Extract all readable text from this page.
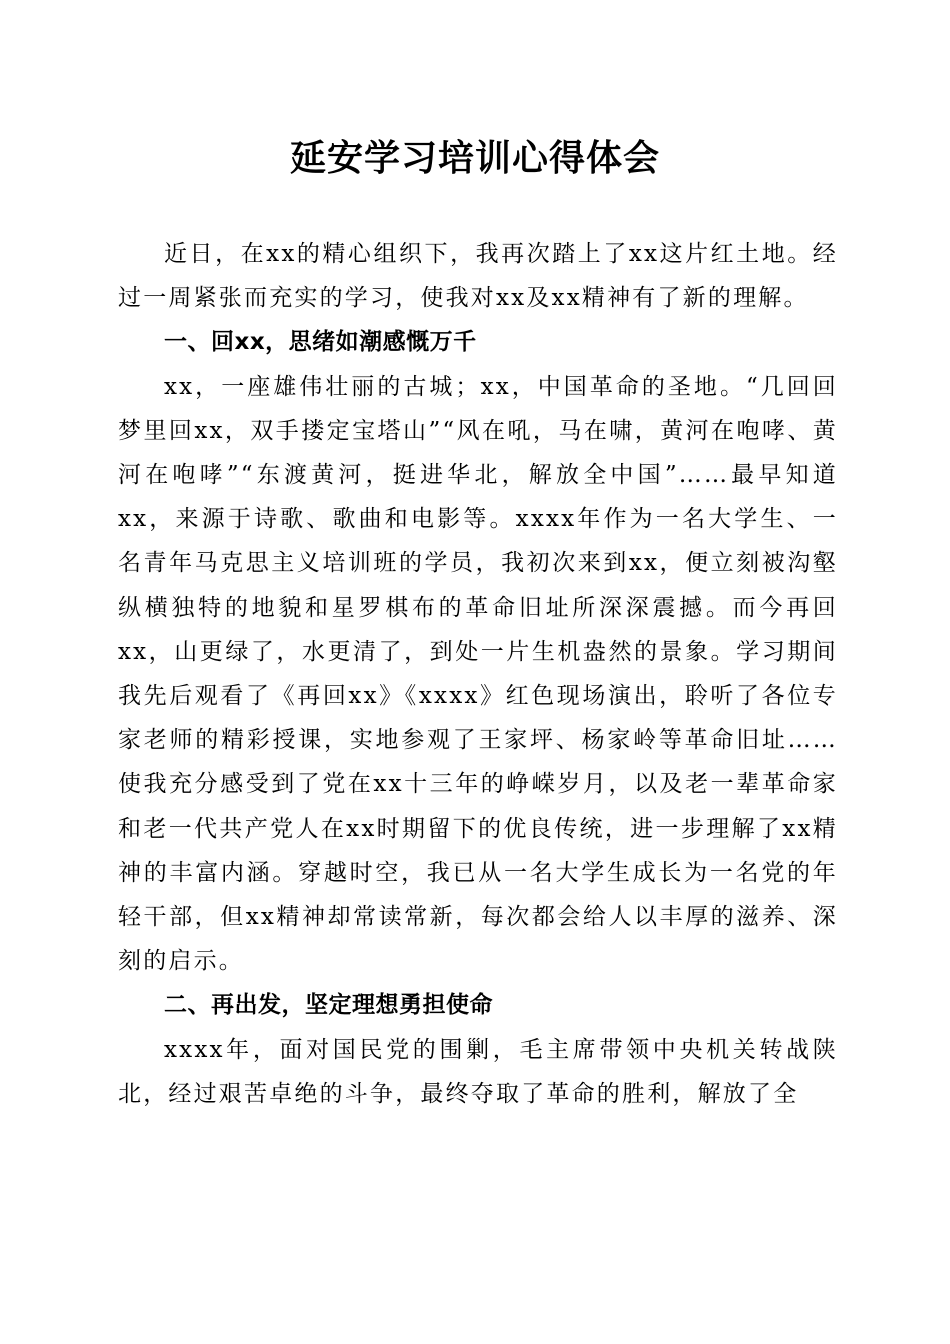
延安学习培训心得体会

近日，在xx的精心组织下，我再次踏上了xx这片红土地。经过一周紧张而充实的学习，使我对xx及xx精神有了新的理解。

一、回xx，思绪如潮感慨万千

xx，一座雄伟壮丽的古城；xx，中国革命的圣地。“几回回梦里回xx，双手搂定宝塔山”“风在吼，马在啸，黄河在咆哮、黄河在咆哮”“东渡黄河，挺进华北，解放全中国”……最早知道xx，来源于诗歌、歌曲和电影等。xxxx年作为一名大学生、一名青年马克思主义培训班的学员，我初次来到xx，便立刻被沟壑纵横独特的地貌和星罗棋布的革命旧址所深深震撼。而今再回xx，山更绿了，水更清了，到处一片生机盎然的景象。学习期间我先后观看了《再回xx》《xxxx》红色现场演出，聆听了各位专家老师的精彩授课，实地参观了王家坪、杨家岭等革命旧址……使我充分感受到了党在xx十三年的峥嵘岁月，以及老一辈革命家和老一代共产党人在xx时期留下的优良传统，进一步理解了xx精神的丰富内涵。穿越时空，我已从一名大学生成长为一名党的年轻干部，但xx精神却常读常新，每次都会给人以丰厚的滋养、深刻的启示。

二、再出发，坚定理想勇担使命

xxxx年，面对国民党的围剿，毛主席带领中央机关转战陕北，经过艰苦卓绝的斗争，最终夺取了革命的胜利，解放了全
